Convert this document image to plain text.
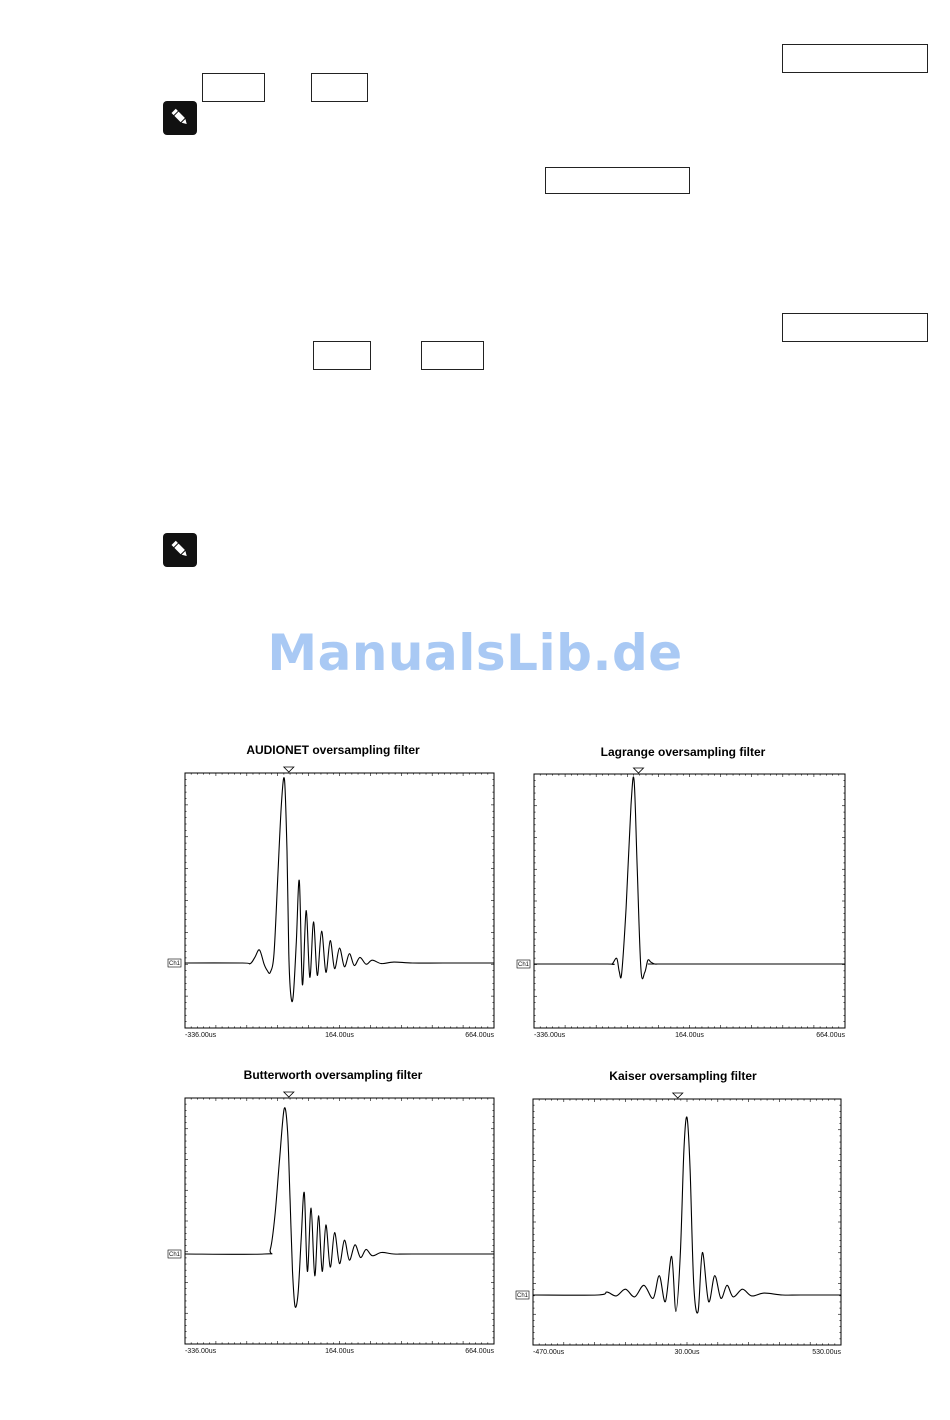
ManualsLib.de
AUDIONET oversampling filter
Ch1
-336.00us	164.00us	664.00us
Lagrange oversampling filter
Ch1
-336.00us	164.00us	664.00us
Butterworth oversampling filter
Ch1
-336.00us	164.00us	664.00us
Kaiser oversampling filter
Ch1
-470.00us	30.00us	530.00us
